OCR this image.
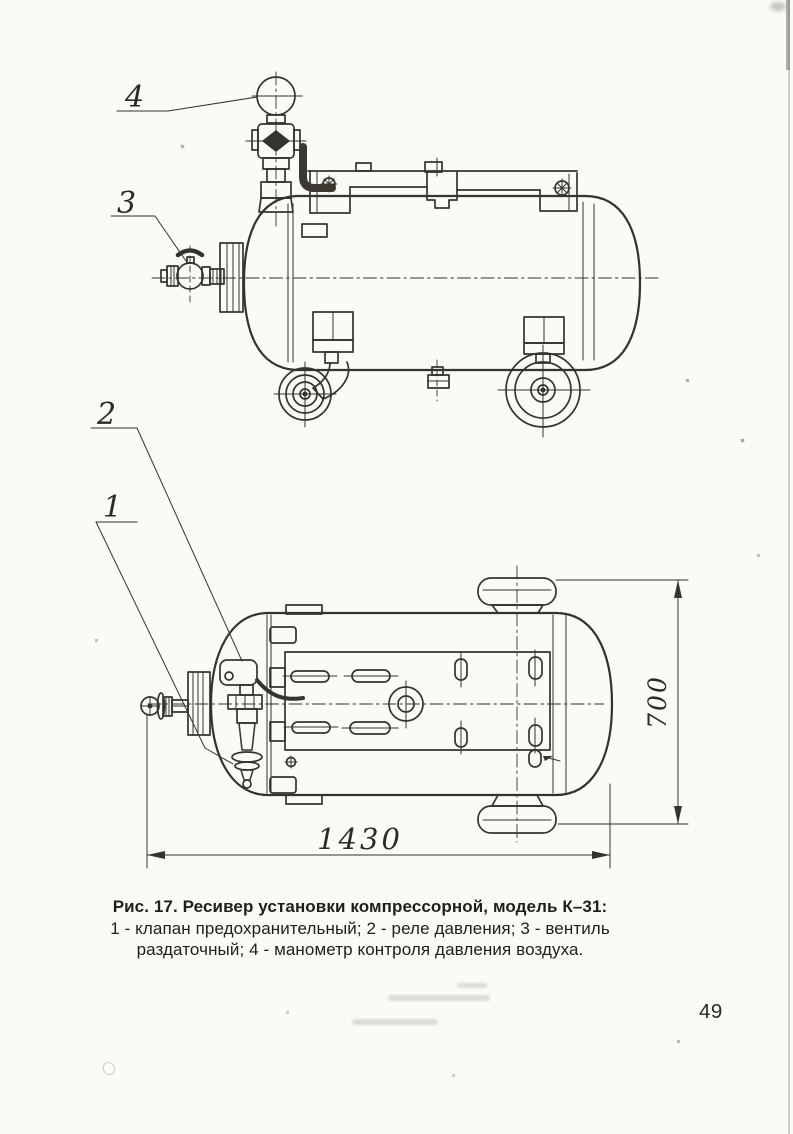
4
3
1430
700
2
1
Рис. 17. Ресивер установки компрессорной, модель К–31:
1 - клапан предохранительный; 2 - реле давления; 3 - вентиль
раздаточный; 4 - манометр контроля давления воздуха.
49
